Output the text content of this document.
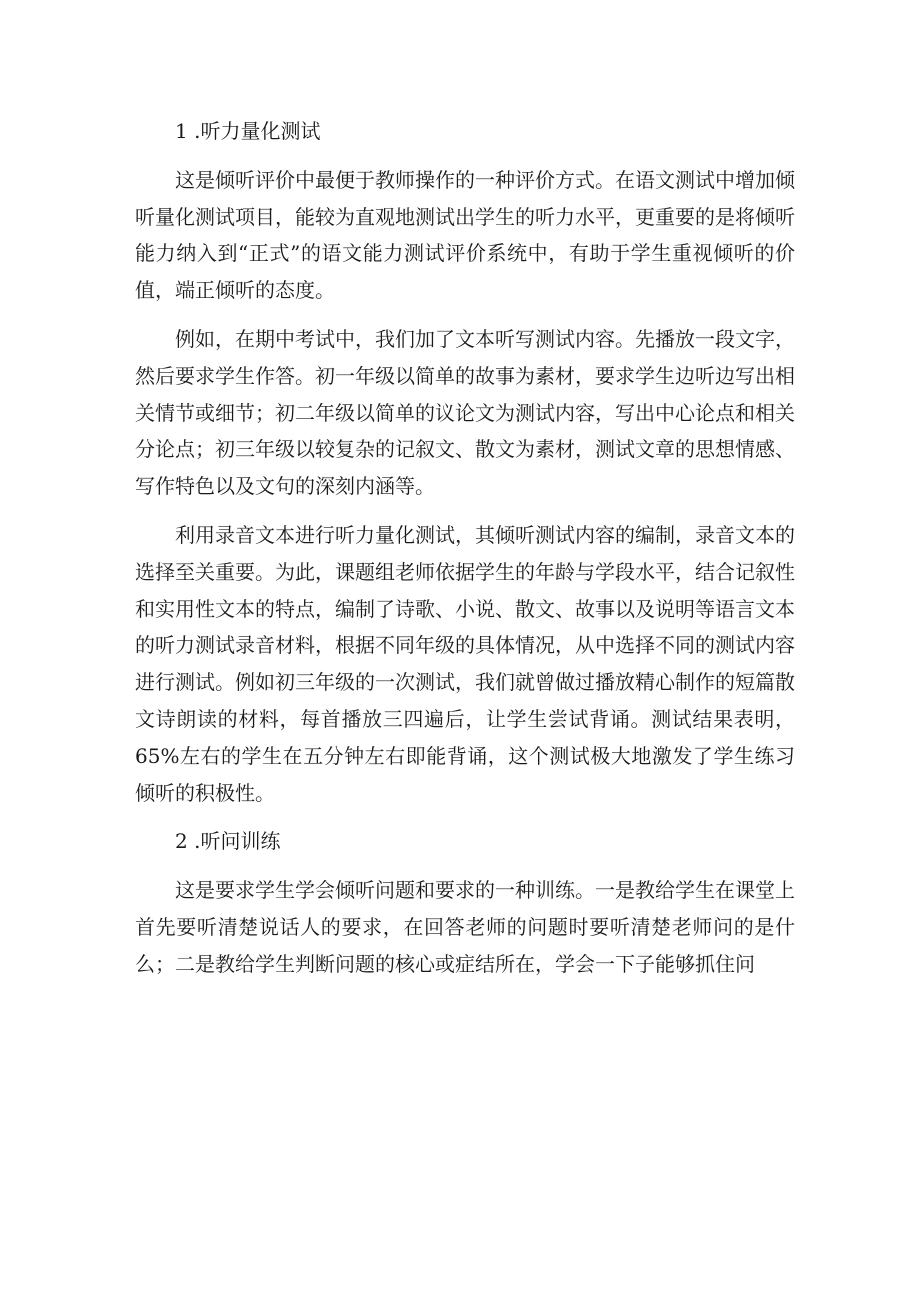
1 .听力量化测试

这是倾听评价中最便于教师操作的一种评价方式。在语文测试中增加倾听量化测试项目，能较为直观地测试出学生的听力水平，更重要的是将倾听能力纳入到“正式”的语文能力测试评价系统中，有助于学生重视倾听的价值，端正倾听的态度。

例如，在期中考试中，我们加了文本听写测试内容。先播放一段文字，然后要求学生作答。初一年级以简单的故事为素材，要求学生边听边写出相关情节或细节；初二年级以简单的议论文为测试内容，写出中心论点和相关分论点；初三年级以较复杂的记叙文、散文为素材，测试文章的思想情感、写作特色以及文句的深刻内涵等。

利用录音文本进行听力量化测试，其倾听测试内容的编制，录音文本的选择至关重要。为此，课题组老师依据学生的年龄与学段水平，结合记叙性和实用性文本的特点，编制了诗歌、小说、散文、故事以及说明等语言文本的听力测试录音材料，根据不同年级的具体情况，从中选择不同的测试内容进行测试。例如初三年级的一次测试，我们就曾做过播放精心制作的短篇散文诗朗读的材料，每首播放三四遍后，让学生尝试背诵。测试结果表明，65%左右的学生在五分钟左右即能背诵，这个测试极大地激发了学生练习倾听的积极性。

2 .听问训练

这是要求学生学会倾听问题和要求的一种训练。一是教给学生在课堂上首先要听清楚说话人的要求，在回答老师的问题时要听清楚老师问的是什么；二是教给学生判断问题的核心或症结所在，学会一下子能够抓住问
